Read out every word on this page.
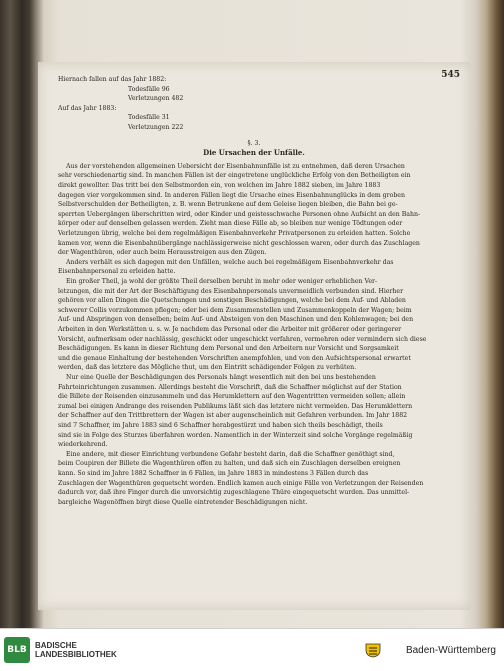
545
Hiernach fallen auf das Jahr 1882:
Todesfälle 96
Verletzungen 482
Auf das Jahr 1883:
Todesfälle 31
Verletzungen 222
§. 3.
Die Ursachen der Unfälle.
Aus der vorstehenden allgemeinen Uebersicht der Eisenbahnunfälle ist zu entnehmen, daß deren Ursachen
sehr verschiedenartig sind. In manchen Fällen ist der eingetretene unglückliche Erfolg von den Betheiligten ein
direkt gewollter. Das tritt bei den Selbstmorden ein, von welchen im Jahre 1882 sieben, im Jahre 1883
dagegen vier vorgekommen sind. In anderen Fällen liegt die Ursache eines Eisenbahnunglücks in dem groben
Selbstverschulden der Betheiligten, z. B. wenn Betrunkene auf dem Geleise liegen bleiben, die Bahn bei ge-
sperrten Uebergängen überschritten wird, oder Kinder und geistesschwache Personen ohne Aufsicht an den Bahn-
körper oder auf denselben gelassen werden. Zieht man diese Fälle ab, so bleiben nur wenige Tödtungen oder
Verletzungen übrig, welche bei dem regelmäßigen Eisenbahnverkehr Privatpersonen zu erleiden hatten. Solche
kamen vor, wenn die Eisenbahnübergänge nachlässigerweise nicht geschlossen waren, oder durch das Zuschlagen
der Wagenthüren, oder auch beim Herausstreigen aus den Zügen.
Anders verhält es sich dagegen mit den Unfällen, welche auch bei regelmäßigem Eisenbahnverkehr das
Eisenbahnpersonal zu erleiden hatte.
Ein großer Theil, ja wohl der größte Theil derselben beruht in mehr oder weniger erheblichen Ver-
letzungen, die mit der Art der Beschäftigung des Eisenbahnpersonals unvermeidlich verbunden sind. Hierher
gehören vor allen Dingen die Quetschungen und sonstigen Beschädigungen, welche bei dem Auf- und Abladen
schwerer Collis vorzukommen pflegen; oder bei dem Zusammenstellen und Zusammenkoppeln der Wagen; beim
Auf- und Abspringen von denselben; beim Auf- und Absteigen von den Maschinen und den Kohlenwagen; bei den
Arbeiten in den Werkstätten u. s. w. Je nachdem das Personal oder die Arbeiter mit größerer oder geringerer
Vorsicht, aufmerksam oder nachlässig, geschickt oder ungeschickt verfahren, vermehren oder vermindern sich diese
Beschädigungen. Es kann in dieser Richtung dem Personal und den Arbeitern nur Vorsicht und Sorgsamkeit
und die genaue Einhaltung der bestehenden Vorschriften anempfohlen, und von den Aufsichtspersonal erwartet
werden, daß das letztere das Mögliche thut, um den Eintritt schädigender Folgen zu verhüten.
Nur eine Quelle der Beschädigungen des Personals hängt wesentlich mit den bei uns bestehenden
Fahrteinrichtungen zusammen. Allerdings besteht die Vorschrift, daß die Schaffner möglichst auf der Station
die Billete der Reisenden einzusammeln und das Herumklettern auf den Wagentritten vermeiden sollen; allein
zumal bei einigen Andrange des reisenden Publikums läßt sich das letztere nicht vermeiden. Das Herumklettern
der Schaffner auf den Trittbrettern der Wagen ist aber augenscheinlich mit Gefahren verbunden. Im Jahr 1882
sind 7 Schaffner, im Jahre 1883 sind 6 Schaffner herabgestürzt und haben sich theils beschädigt, theils
sind sie in Folge des Sturzes überfahren worden. Namentlich in der Winterzeit sind solche Vorgänge regelmäßig
wiederkehrend.
Eine andere, mit dieser Einrichtung verbundene Gefahr besteht darin, daß die Schaffner genöthigt sind,
beim Coupiren der Billete die Wagenthüren offen zu halten, und daß sich ein Zuschlagen derselben ereignen
kann. So sind im Jahre 1882 Schaffner in 6 Fällen, im Jahre 1883 in mindestens 3 Fällen durch das
Zuschlagen der Wagenthüren gequetscht worden. Endlich kamen auch einige Fälle von Verletzungen der Reisenden
dadurch vor, daß ihre Finger durch die unvorsichtig zugeschlagene Thüre eingequetscht wurden. Das unmittel-
bargleiche Wagenöffnen birgt diese Quelle eintretender Beschädigungen nicht.
BLB	BADISCHE
LANDESBIBLIOTHEK	Baden-Württemberg
